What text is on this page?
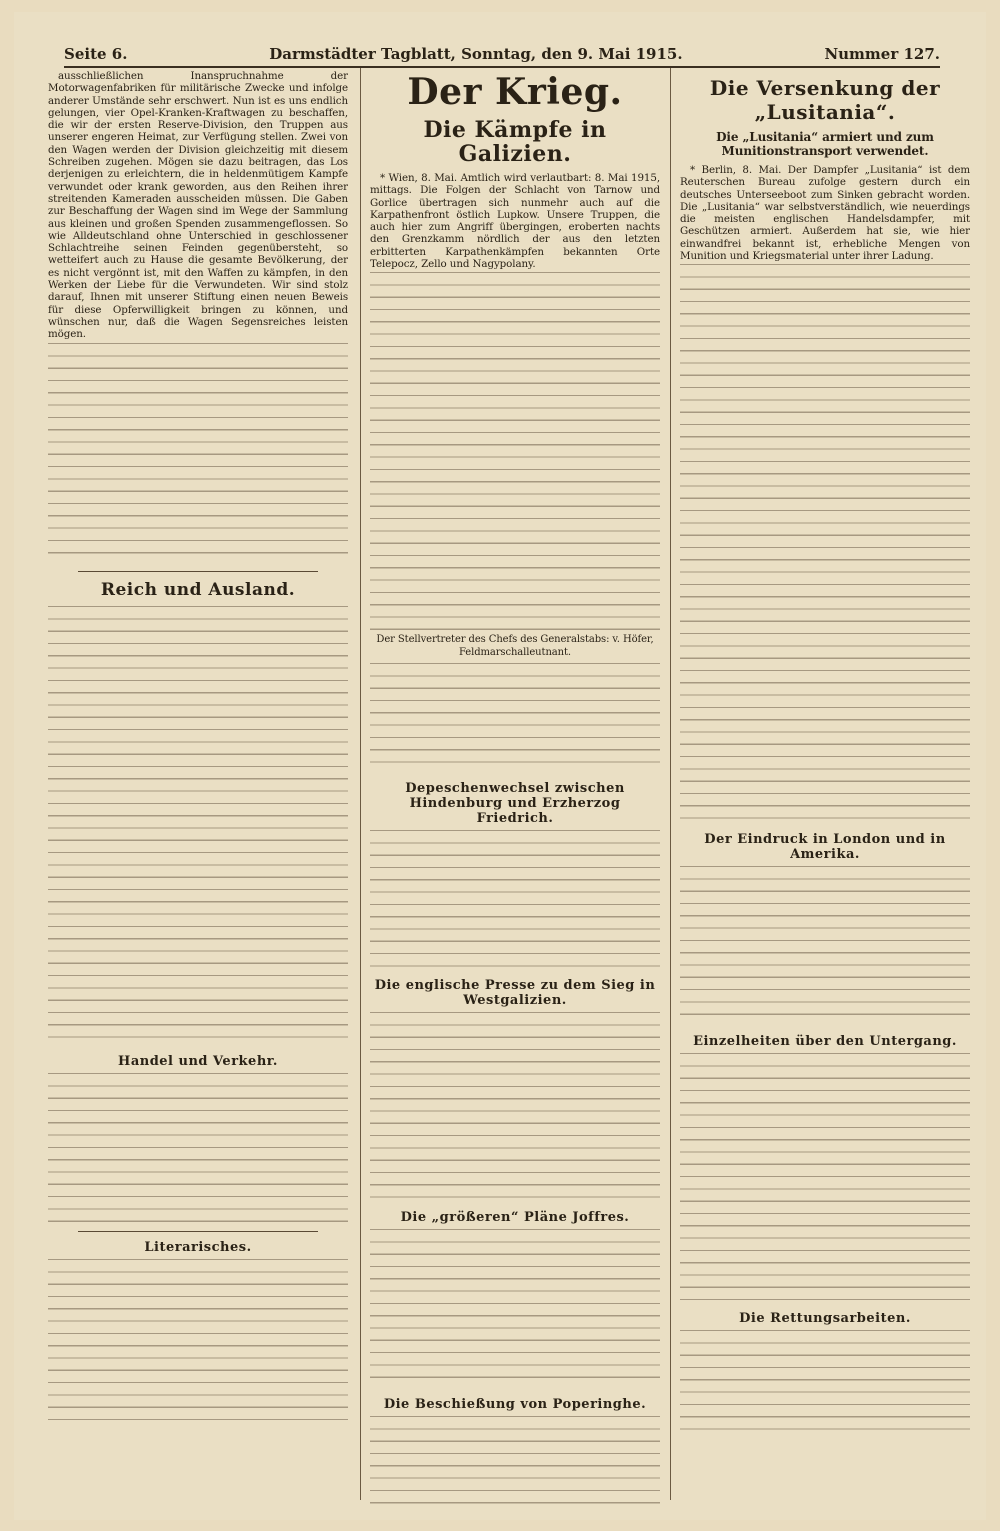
Seite 6.	Darmstädter Tagblatt, Sonntag, den 9. Mai 1915.	Nummer 127.

ausschließlichen Inanspruchnahme der Motorwagenfabriken für militärische Zwecke und infolge anderer Umstände sehr erschwert. Nun ist es uns endlich gelungen, vier Opel-Kranken-Kraftwagen zu beschaffen, die wir der ersten Reserve-Division, den Truppen aus unserer engeren Heimat, zur Verfügung stellen. Zwei von den Wagen werden der Division gleichzeitig mit diesem Schreiben zugehen. Mögen sie dazu beitragen, das Los derjenigen zu erleichtern, die in heldenmütigem Kampfe verwundet oder krank geworden, aus den Reihen ihrer streitenden Kameraden ausscheiden müssen. Die Gaben zur Beschaffung der Wagen sind im Wege der Sammlung aus kleinen und großen Spenden zusammengeflossen. So wie Alldeutschland ohne Unterschied in geschlossener Schlachtreihe seinen Feinden gegenübersteht, so wetteifert auch zu Hause die gesamte Bevölkerung, der es nicht vergönnt ist, mit den Waffen zu kämpfen, in den Werken der Liebe für die Verwundeten. Wir sind stolz darauf, Ihnen mit unserer Stiftung einen neuen Beweis für diese Opferwilligkeit bringen zu können, und wünschen nur, daß die Wagen Segensreiches leisten mögen.

Reich und Ausland.
Handel und Verkehr.
Literarisches.
Der Krieg.
Die Kämpfe in Galizien.

* Wien, 8. Mai. Amtlich wird verlautbart: 8. Mai 1915, mittags. Die Folgen der Schlacht von Tarnow und Gorlice übertragen sich nunmehr auch auf die Karpathenfront östlich Lupkow. Unsere Truppen, die auch hier zum Angriff übergingen, eroberten nachts den Grenzkamm nördlich der aus den letzten erbitterten Karpathenkämpfen bekannten Orte Telepocz, Zello und Nagypolany.

Der Stellvertreter des Chefs des Generalstabs: v. Höfer, Feldmarschalleutnant.
Depeschenwechsel zwischen Hindenburg und Erzherzog Friedrich.
Die englische Presse zu dem Sieg in Westgalizien.
Die „größeren“ Pläne Joffres.
Die Beschießung von Poperinghe.
Die Versenkung der „Lusitania“.
Die „Lusitania“ armiert und zum Munitionstransport verwendet.

* Berlin, 8. Mai. Der Dampfer „Lusitania“ ist dem Reuterschen Bureau zufolge gestern durch ein deutsches Unterseeboot zum Sinken gebracht worden. Die „Lusitania“ war selbstverständlich, wie neuerdings die meisten englischen Handelsdampfer, mit Geschützen armiert. Außerdem hat sie, wie hier einwandfrei bekannt ist, erhebliche Mengen von Munition und Kriegsmaterial unter ihrer Ladung.

Der Eindruck in London und in Amerika.
Einzelheiten über den Untergang.
Die Rettungsarbeiten.
